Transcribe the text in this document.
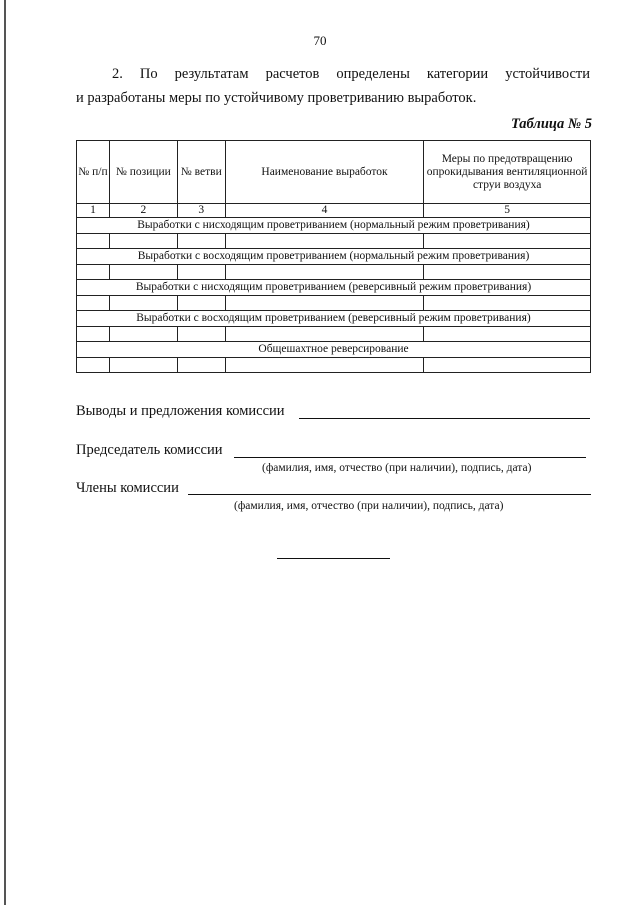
70
2. По результатам расчетов определены категории устойчивости
и разработаны меры по устойчивому проветриванию выработок.
Таблица № 5
№ п/п	№ позиции	№ ветви	Наименование выработок	Меры по предотвращению опрокидывания вентиляционной струи воздуха
1	2	3	4	5
Выработки с нисходящим проветриванием (нормальный режим проветривания)				

Выработки с восходящим проветриванием (нормальный режим проветривания)				

Выработки с нисходящим проветриванием (реверсивный режим проветривания)				

Выработки с восходящим проветриванием (реверсивный режим проветривания)				

Общешахтное реверсирование				

Выводы и предложения комиссии
Председатель комиссии
(фамилия, имя, отчество (при наличии), подпись, дата)
Члены комиссии
(фамилия, имя, отчество (при наличии), подпись, дата)
